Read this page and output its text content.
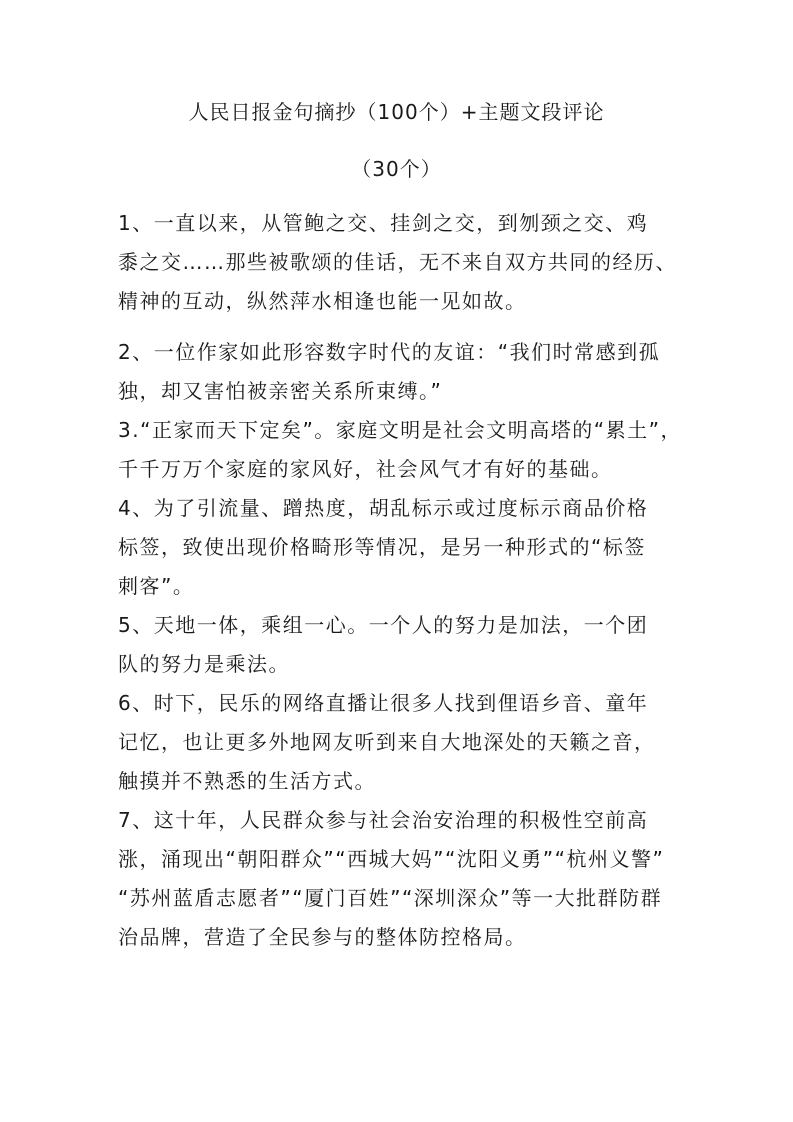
人民日报金句摘抄（100个）+主题文段评论
（30个）

1、一直以来，从管鲍之交、挂剑之交，到刎颈之交、鸡
黍之交……那些被歌颂的佳话，无不来自双方共同的经历、
精神的互动，纵然萍水相逢也能一见如故。

2、一位作家如此形容数字时代的友谊：“我们时常感到孤
独，却又害怕被亲密关系所束缚。”

3.“正家而天下定矣”。家庭文明是社会文明高塔的“累土”，
千千万万个家庭的家风好，社会风气才有好的基础。

4、为了引流量、蹭热度，胡乱标示或过度标示商品价格
标签，致使出现价格畸形等情况，是另一种形式的“标签
刺客”。

5、天地一体，乘组一心。一个人的努力是加法，一个团
队的努力是乘法。

6、时下，民乐的网络直播让很多人找到俚语乡音、童年
记忆，也让更多外地网友听到来自大地深处的天籁之音，
触摸并不熟悉的生活方式。

7、这十年，人民群众参与社会治安治理的积极性空前高
涨，涌现出“朝阳群众”“西城大妈”“沈阳义勇”“杭州义警”
“苏州蓝盾志愿者”“厦门百姓”“深圳深众”等一大批群防群
治品牌，营造了全民参与的整体防控格局。
